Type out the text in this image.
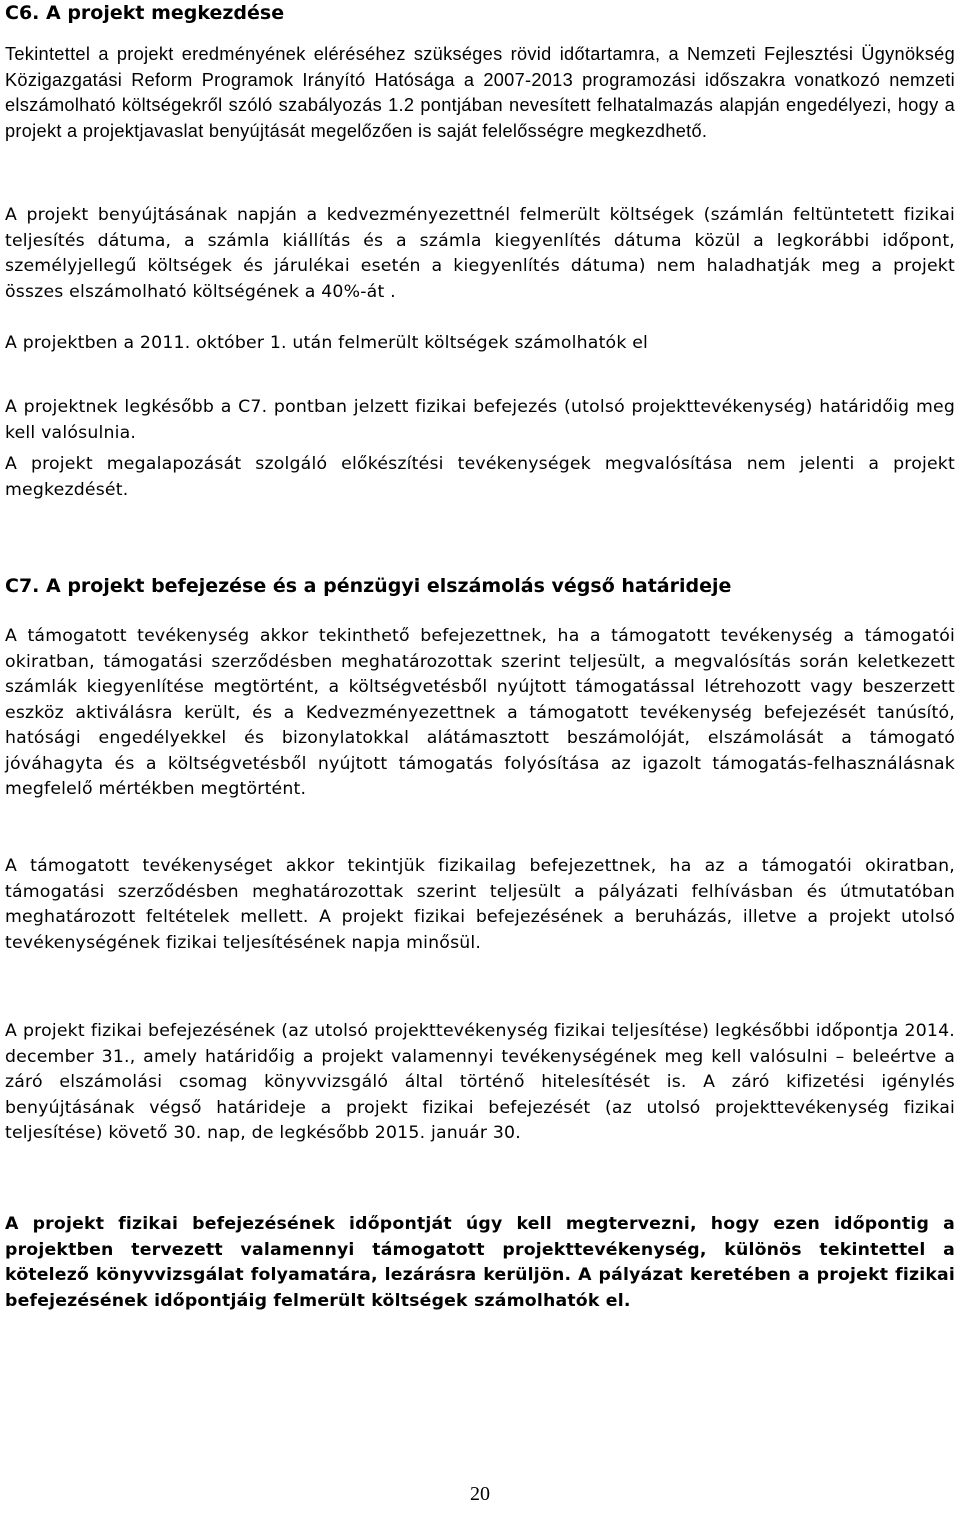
C6. A projekt megkezdése

Tekintettel a projekt eredményének eléréséhez szükséges rövid időtartamra, a Nemzeti Fejlesztési Ügynökség Közigazgatási Reform Programok Irányító Hatósága a 2007-2013 programozási időszakra vonatkozó nemzeti elszámolható költségekről szóló szabályozás 1.2 pontjában nevesített felhatalmazás alapján engedélyezi, hogy a projekt a projektjavaslat benyújtását megelőzően is saját felelősségre megkezdhető.

A projekt benyújtásának napján a kedvezményezettnél felmerült költségek (számlán feltüntetett fizikai teljesítés dátuma, a számla kiállítás és a számla kiegyenlítés dátuma közül a legkorábbi időpont, személyjellegű költségek és járulékai esetén a kiegyenlítés dátuma) nem haladhatják meg a projekt összes elszámolható költségének a 40%-át .

A projektben a 2011. október 1. után felmerült költségek számolhatók el

A projektnek legkésőbb a C7. pontban jelzett fizikai befejezés (utolsó projekttevékenység) határidőig meg kell valósulnia.

A projekt megalapozását szolgáló előkészítési tevékenységek megvalósítása nem jelenti a projekt megkezdését.

C7. A projekt befejezése és a pénzügyi elszámolás végső határideje

A támogatott tevékenység akkor tekinthető befejezettnek, ha a támogatott tevékenység a támogatói okiratban, támogatási szerződésben meghatározottak szerint teljesült, a megvalósítás során keletkezett számlák kiegyenlítése megtörtént, a költségvetésből nyújtott támogatással létrehozott vagy beszerzett eszköz aktiválásra került, és a Kedvezményezettnek a támogatott tevékenység befejezését tanúsító, hatósági engedélyekkel és bizonylatokkal alátámasztott beszámolóját, elszámolását a támogató jóváhagyta és a költségvetésből nyújtott támogatás folyósítása az igazolt támogatás-felhasználásnak megfelelő mértékben megtörtént.

A támogatott tevékenységet akkor tekintjük fizikailag befejezettnek, ha az a támogatói okiratban, támogatási szerződésben meghatározottak szerint teljesült a pályázati felhívásban és útmutatóban meghatározott feltételek mellett. A projekt fizikai befejezésének a beruházás, illetve a projekt utolsó tevékenységének fizikai teljesítésének napja minősül.

A projekt fizikai befejezésének (az utolsó projekttevékenység fizikai teljesítése) legkésőbbi időpontja 2014. december 31., amely határidőig a projekt valamennyi tevékenységének meg kell valósulni – beleértve a záró elszámolási csomag könyvvizsgáló által történő hitelesítését is. A záró kifizetési igénylés benyújtásának végső határideje a projekt fizikai befejezését (az utolsó projekttevékenység fizikai teljesítése) követő 30. nap, de legkésőbb 2015. január 30.

A projekt fizikai befejezésének időpontját úgy kell megtervezni, hogy ezen időpontig a projektben tervezett valamennyi támogatott projekttevékenység, különös tekintettel a kötelező könyvvizsgálat folyamatára, lezárásra kerüljön. A pályázat keretében a projekt fizikai befejezésének időpontjáig felmerült költségek számolhatók el.

20
